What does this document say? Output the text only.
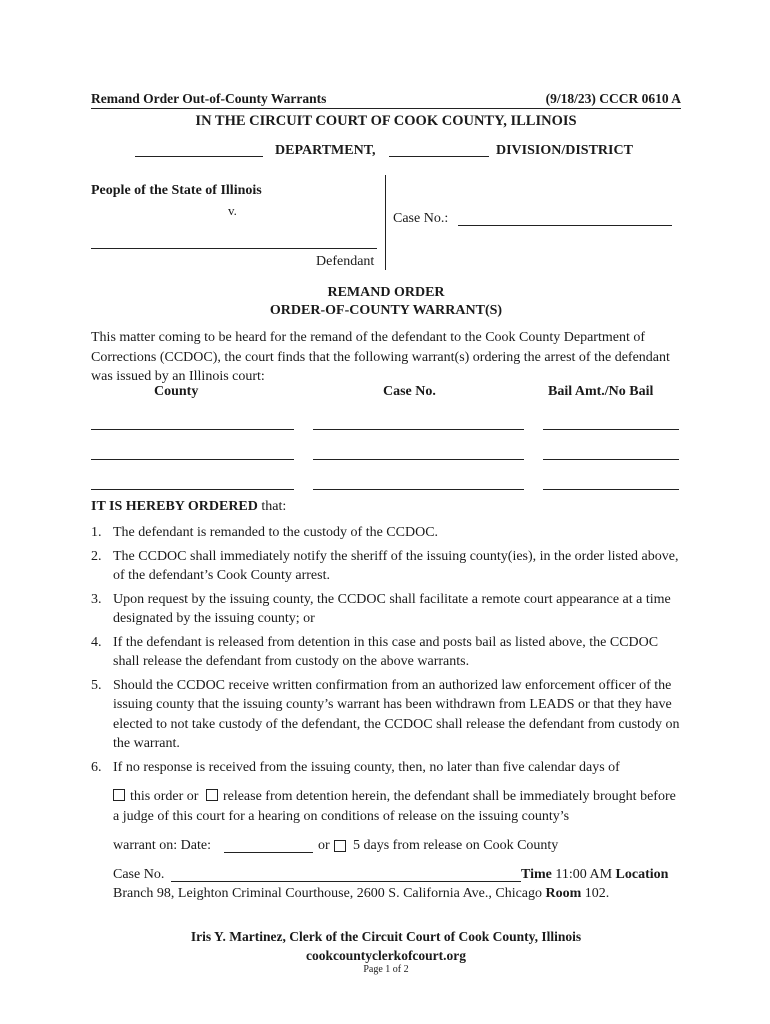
Remand Order Out-of-County Warrants	(9/18/23) CCCR 0610 A
IN THE CIRCUIT COURT OF COOK COUNTY, ILLINOIS
DEPARTMENT,	DIVISION/DISTRICT
People of the State of Illinois
v.
Defendant
Case No.:
REMAND ORDER
ORDER-OF-COUNTY WARRANT(S)
This matter coming to be heard for the remand of the defendant to the Cook County Department of Corrections (CCDOC), the court finds that the following warrant(s) ordering the arrest of the defendant was issued by an Illinois court:
County	Case No.	Bail Amt./No Bail
IT IS HEREBY ORDERED that:
1. The defendant is remanded to the custody of the CCDOC.
2. The CCDOC shall immediately notify the sheriff of the issuing county(ies), in the order listed above, of the defendant’s Cook County arrest.
3. Upon request by the issuing county, the CCDOC shall facilitate a remote court appearance at a time designated by the issuing county; or
4. If the defendant is released from detention in this case and posts bail as listed above, the CCDOC shall release the defendant from custody on the above warrants.
5. Should the CCDOC receive written confirmation from an authorized law enforcement officer of the issuing county that the issuing county’s warrant has been withdrawn from LEADS or that they have elected to not take custody of the defendant, the CCDOC shall release the defendant from custody on the warrant.
6. If no response is received from the issuing county, then, no later than five calendar days of
this order or release from detention herein, the defendant shall be immediately brought before a judge of this court for a hearing on conditions of release on the issuing county’s
warrant on: Date:	or 5 days from release on Cook County
Case No.	Time 11:00 AM Location
Branch 98, Leighton Criminal Courthouse, 2600 S. California Ave., Chicago Room 102.
Iris Y. Martinez, Clerk of the Circuit Court of Cook County, Illinois
cookcountyclerkofcourt.org
Page 1 of 2
